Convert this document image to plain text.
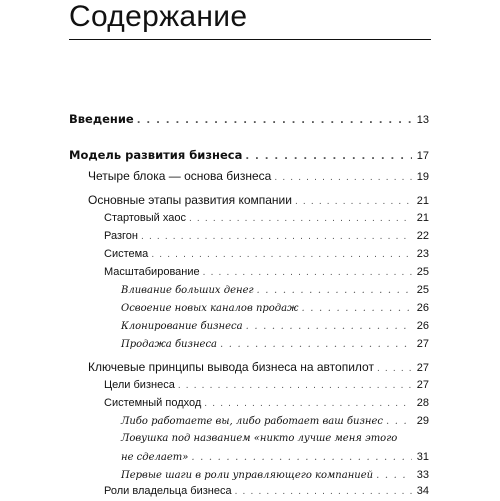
Содержание
Введение . . .	13
Модель развития бизнеса . . .	17
Четыре блока — основа бизнеса . . .	19
Основные этапы развития компании . . .	21
Стартовый хаос . . .	21
Разгон . . .	22
Система . . .	23
Масштабирование . . .	25
Вливание больших денег . . .	25
Освоение новых каналов продаж . . .	26
Клонирование бизнеса . . .	26
Продажа бизнеса . . .	27
Ключевые принципы вывода бизнеса на автопилот . . .	27
Цели бизнеса . . .	27
Системный подход . . .	28
Либо работаете вы, либо работает ваш бизнес . . .	29
Ловушка под названием «никто лучше меня этого
не сделает» . . .	31
Первые шаги в роли управляющего компанией . . .	33
Роли владельца бизнеса . . .	34
